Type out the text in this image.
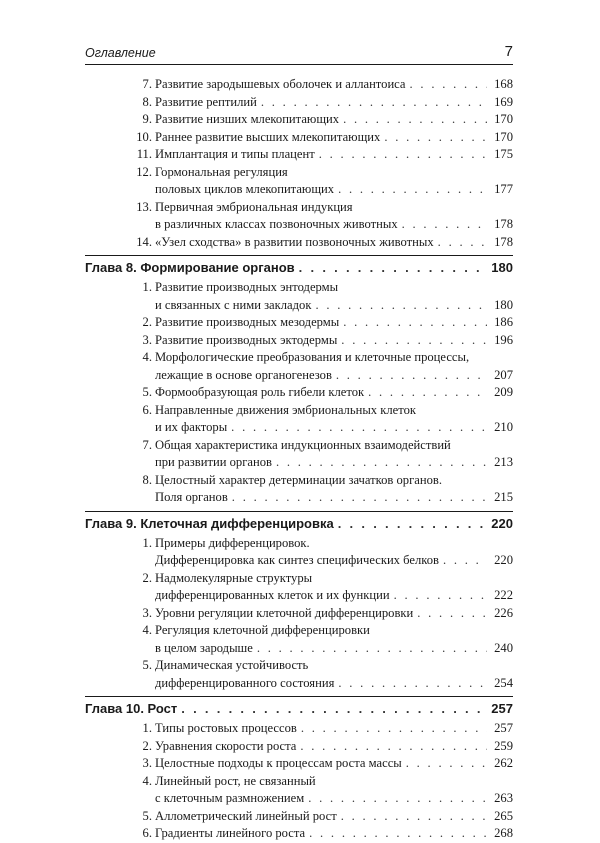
Оглавление	7
7. Развитие зародышевых оболочек и аллантоиса . . .	168
8. Развитие рептилий . . .	169
9. Развитие низших млекопитающих . . .	170
10. Раннее развитие высших млекопитающих . . .	170
11. Имплантация и типы плацент . . .	175
12. Гормональная регуляция
половых циклов млекопитающих . . .	177
13. Первичная эмбриональная индукция
в различных классах позвоночных животных . . .	178
14. «Узел сходства» в развитии позвоночных животных . . .	178
Глава 8. Формирование органов . . .	180
1. Развитие производных энтодермы
и связанных с ними закладок . . .	180
2. Развитие производных мезодермы . . .	186
3. Развитие производных эктодермы . . .	196
4. Морфологические преобразования и клеточные процессы,
лежащие в основе органогенезов . . .	207
5. Формообразующая роль гибели клеток . . .	209
6. Направленные движения эмбриональных клеток
и их факторы . . .	210
7. Общая характеристика индукционных взаимодействий
при развитии органов . . .	213
8. Целостный характер детерминации зачатков органов.
Поля органов . . .	215
Глава 9. Клеточная дифференцировка . . .	220
1. Примеры дифференцировок.
Дифференцировка как синтез специфических белков . . .	220
2. Надмолекулярные структуры
дифференцированных клеток и их функции . . .	222
3. Уровни регуляции клеточной дифференцировки . . .	226
4. Регуляция клеточной дифференцировки
в целом зародыше . . .	240
5. Динамическая устойчивость
дифференцированного состояния . . .	254
Глава 10. Рост . . .	257
1. Типы ростовых процессов . . .	257
2. Уравнения скорости роста . . .	259
3. Целостные подходы к процессам роста массы . . .	262
4. Линейный рост, не связанный
с клеточным размножением . . .	263
5. Аллометрический линейный рост . . .	265
6. Градиенты линейного роста . . .	268
